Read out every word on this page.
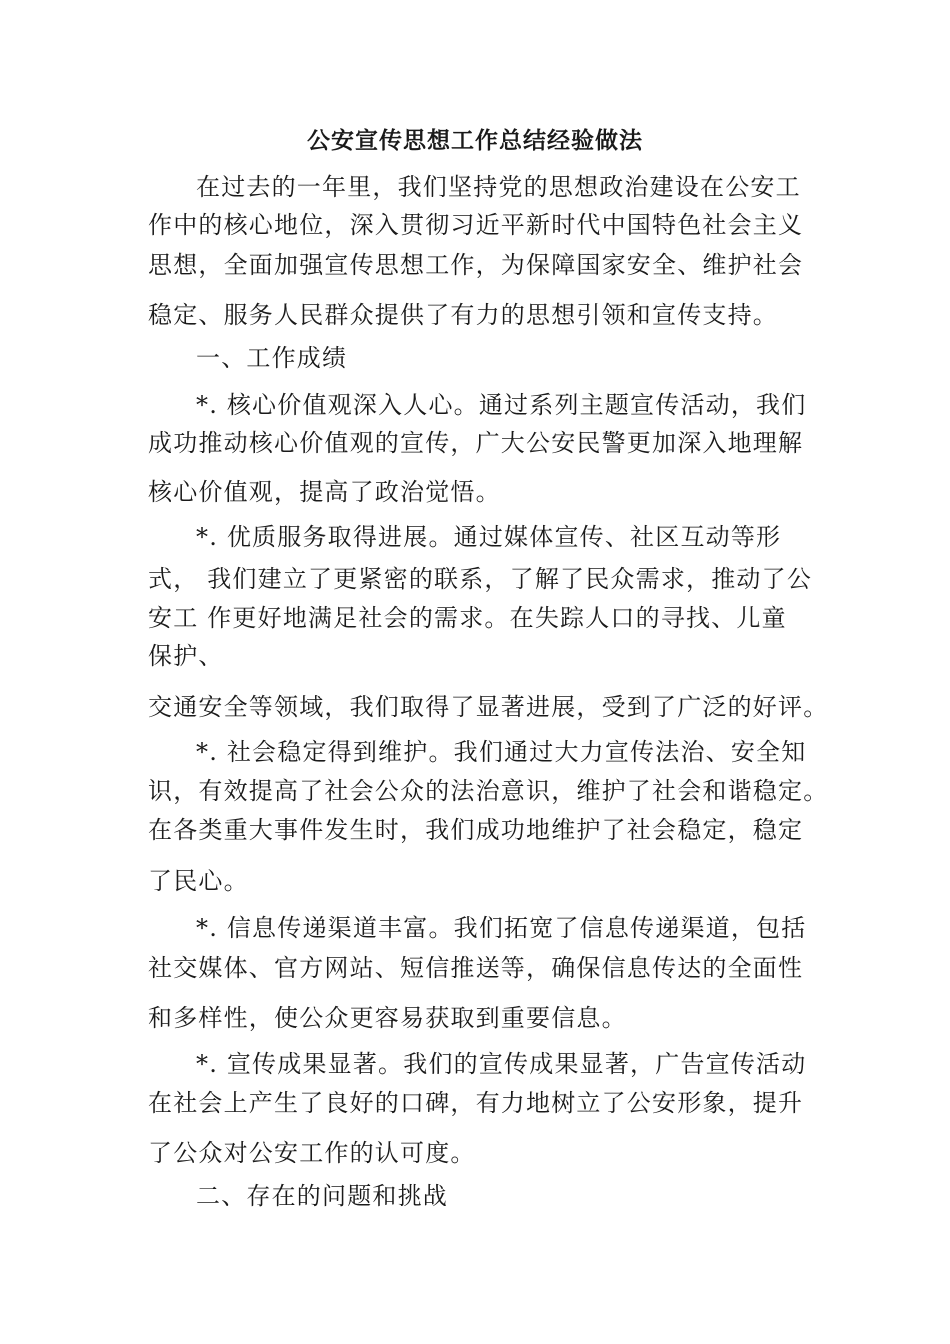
公安宣传思想工作总结经验做法
在过去的一年里，我们坚持党的思想政治建设在公安工
作中的核心地位，深入贯彻习近平新时代中国特色社会主义
思想，全面加强宣传思想工作，为保障国家安全、维护社会
稳定、服务人民群众提供了有力的思想引领和宣传支持。
一、工作成绩
*. 核心价值观深入人心。通过系列主题宣传活动，我们
成功推动核心价值观的宣传，广大公安民警更加深入地理解
核心价值观，提高了政治觉悟。
*. 优质服务取得进展。通过媒体宣传、社区互动等形
式， 我们建立了更紧密的联系，了解了民众需求，推动了公
安工 作更好地满足社会的需求。在失踪人口的寻找、儿童
保护、
交通安全等领域，我们取得了显著进展，受到了广泛的好评。
*. 社会稳定得到维护。我们通过大力宣传法治、安全知
识，有效提高了社会公众的法治意识，维护了社会和谐稳定。
在各类重大事件发生时，我们成功地维护了社会稳定，稳定
了民心。
*. 信息传递渠道丰富。我们拓宽了信息传递渠道，包括
社交媒体、官方网站、短信推送等，确保信息传达的全面性
和多样性，使公众更容易获取到重要信息。
*. 宣传成果显著。我们的宣传成果显著，广告宣传活动
在社会上产生了良好的口碑，有力地树立了公安形象，提升
了公众对公安工作的认可度。
二、存在的问题和挑战
